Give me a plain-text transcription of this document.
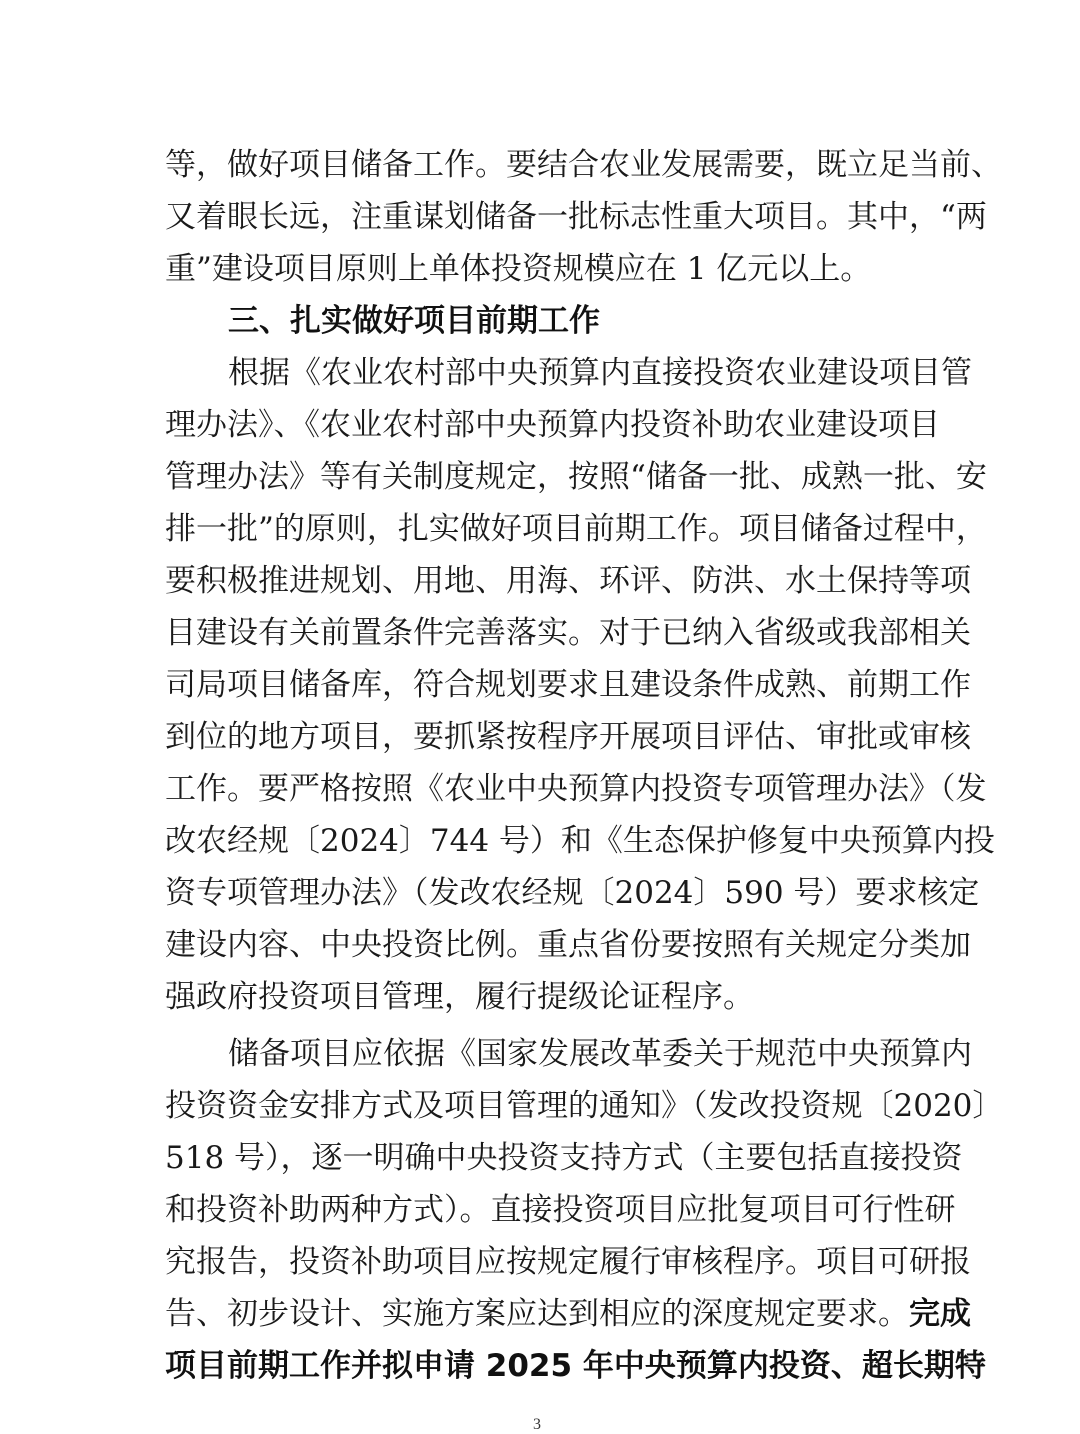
等，做好项目储备工作。要结合农业发展需要，既立足当前、
又着眼长远，注重谋划储备一批标志性重大项目。其中，“两
重”建设项目原则上单体投资规模应在 1 亿元以上。
三、扎实做好项目前期工作
根据《农业农村部中央预算内直接投资农业建设项目管
理办法》、《农业农村部中央预算内投资补助农业建设项目
管理办法》等有关制度规定，按照“储备一批、成熟一批、安
排一批”的原则，扎实做好项目前期工作。项目储备过程中，
要积极推进规划、用地、用海、环评、防洪、水土保持等项
目建设有关前置条件完善落实。对于已纳入省级或我部相关
司局项目储备库，符合规划要求且建设条件成熟、前期工作
到位的地方项目，要抓紧按程序开展项目评估、审批或审核
工作。要严格按照《农业中央预算内投资专项管理办法》（发
改农经规〔2024〕744 号）和《生态保护修复中央预算内投
资专项管理办法》（发改农经规〔2024〕590 号）要求核定
建设内容、中央投资比例。重点省份要按照有关规定分类加
强政府投资项目管理，履行提级论证程序。
储备项目应依据《国家发展改革委关于规范中央预算内
投资资金安排方式及项目管理的通知》（发改投资规〔2020〕
518 号），逐一明确中央投资支持方式（主要包括直接投资
和投资补助两种方式）。直接投资项目应批复项目可行性研
究报告，投资补助项目应按规定履行审核程序。项目可研报
告、初步设计、实施方案应达到相应的深度规定要求。完成
项目前期工作并拟申请 2025 年中央预算内投资、超长期特
3
